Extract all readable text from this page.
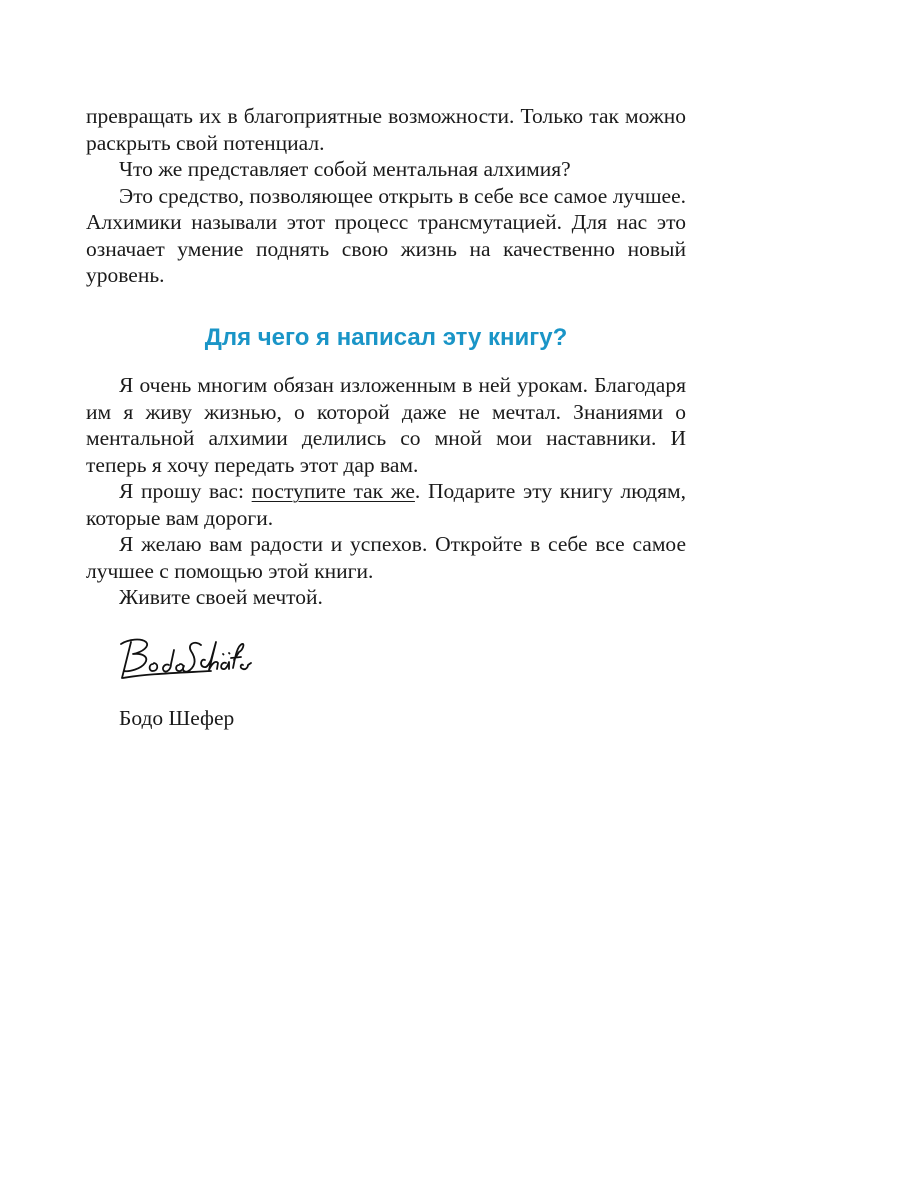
превращать их в благоприятные возможности. Только так можно раскрыть свой потенциал.

Что же представляет собой ментальная алхимия?

Это средство, позволяющее открыть в себе все самое лучшее. Алхимики называли этот процесс трансмутацией. Для нас это означает умение поднять свою жизнь на качественно новый уровень.

Для чего я написал эту книгу?

Я очень многим обязан изложенным в ней урокам. Благодаря им я живу жизнью, о которой даже не мечтал. Знаниями о ментальной алхимии делились со мной мои наставники. И теперь я хочу передать этот дар вам.

Я прошу вас: поступите так же. Подарите эту книгу людям, которые вам дороги.

Я желаю вам радости и успехов. Откройте в себе все самое лучшее с помощью этой книги.

Живите своей мечтой.

Бодо Шефер
